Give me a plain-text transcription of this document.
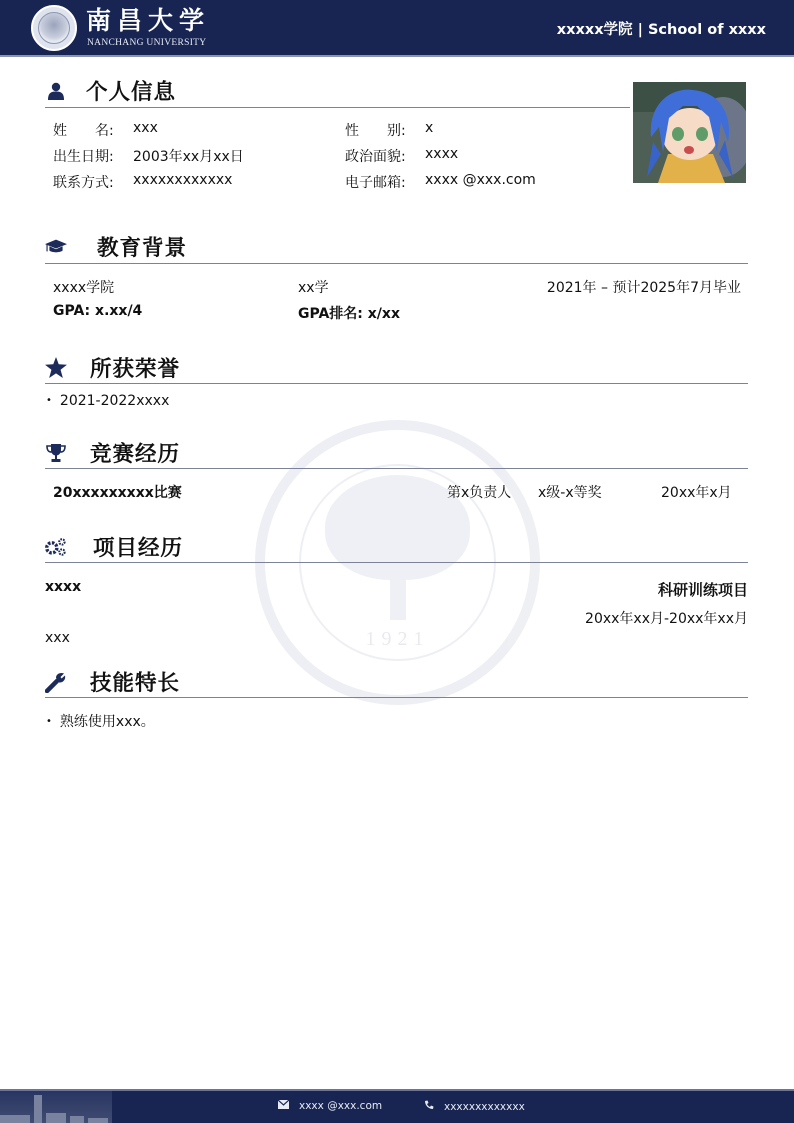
南昌大学
NANCHANG UNIVERSITY
xxxxx学院 | School of xxxx
1921
个人信息
姓　　名: xxx	性　　别: x
出生日期: 2003年xx月xx日	政治面貌: xxxx
联系方式: xxxxxxxxxxxx	电子邮箱: xxxx @xxx.com
教育背景
xxxx学院	xx学	2021年 – 预计2025年7月毕业
GPA: x.xx/4	GPA排名: x/xx
所获荣誉
• 2021-2022xxxx
竞赛经历
20xxxxxxxxx比赛	第x负责人 x级-x等奖	20xx年x月
项目经历
xxxx	科研训练项目
20xx年xx月-20xx年xx月
xxx
技能特长
• 熟练使用xxx。
xxxx @xxx.com	xxxxxxxxxxxxx
